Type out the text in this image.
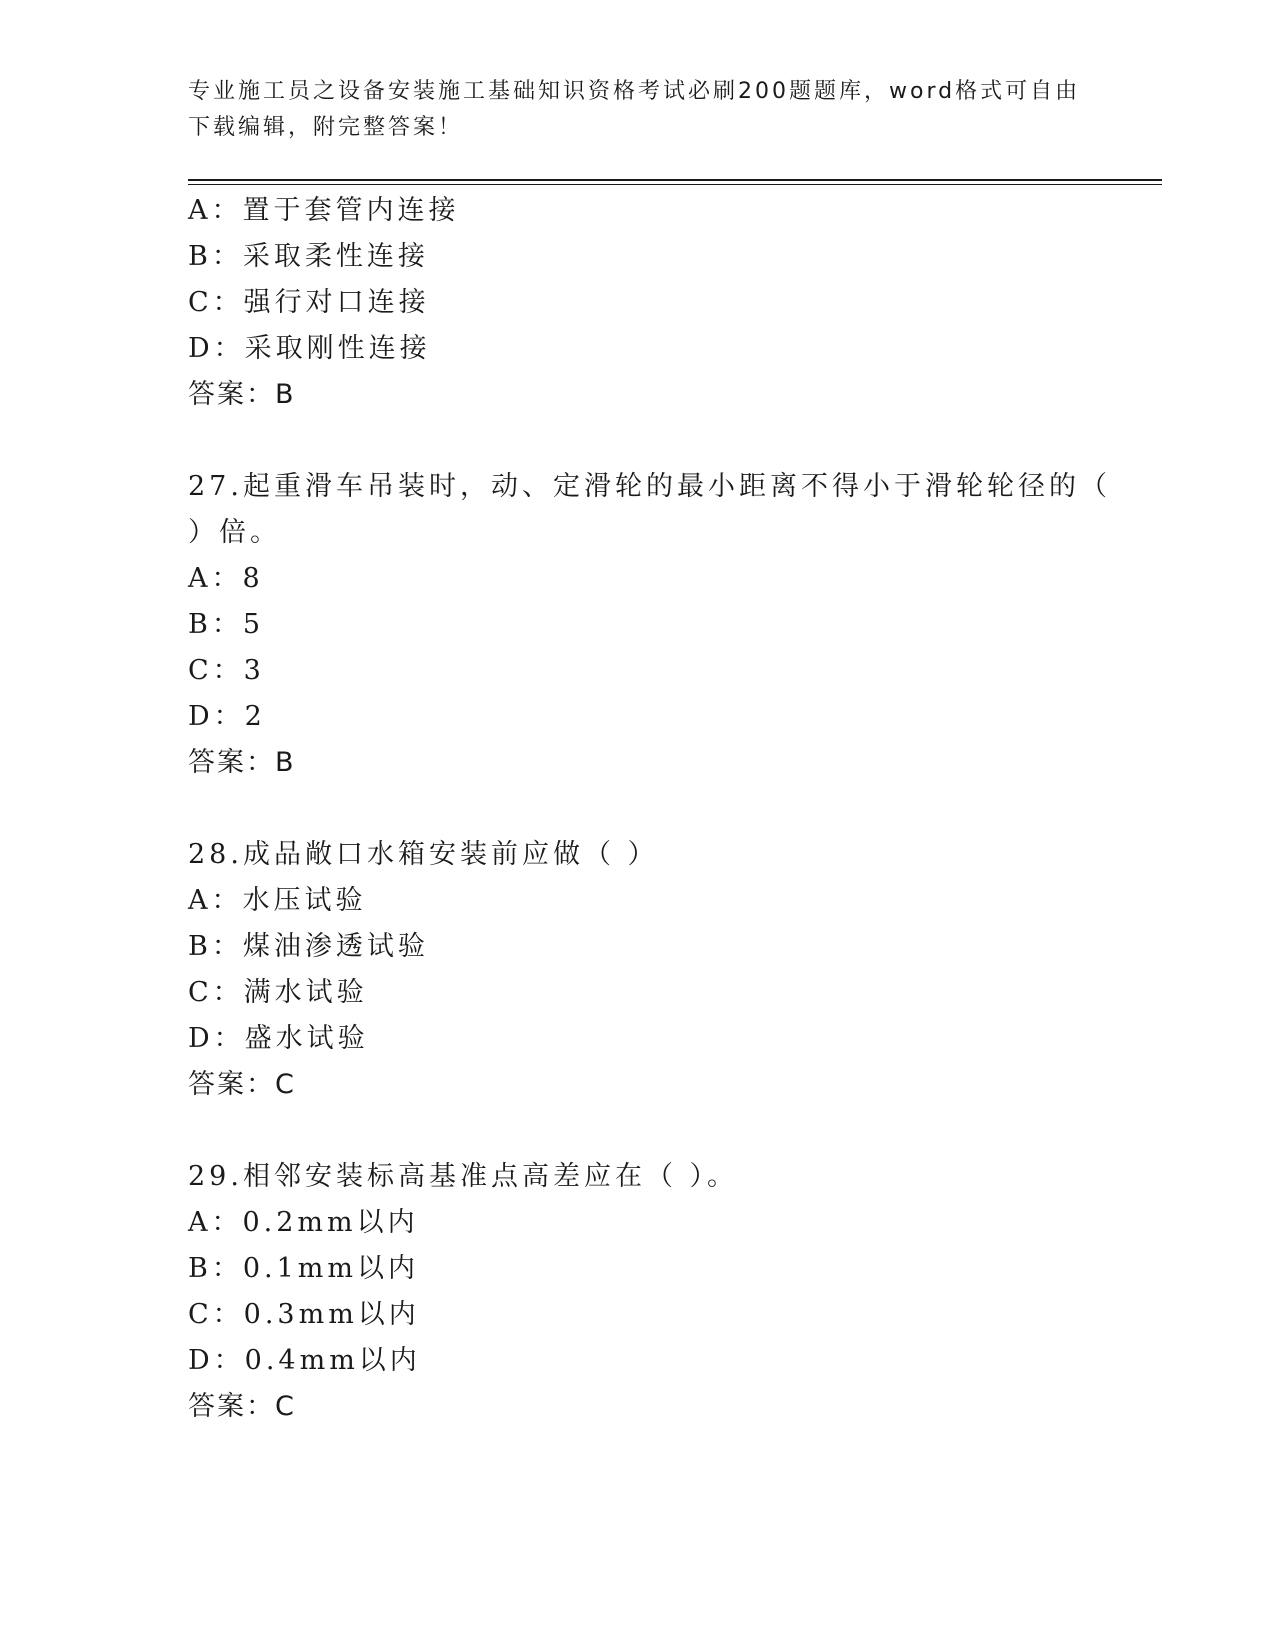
专业施工员之设备安装施工基础知识资格考试必刷200题题库，word格式可自由
下载编辑，附完整答案！
A：置于套管内连接
B：采取柔性连接
C：强行对口连接
D：采取刚性连接
答案：B
27.起重滑车吊装时，动、定滑轮的最小距离不得小于滑轮轮径的（
）倍。
A：8
B：5
C：3
D：2
答案：B
28.成品敞口水箱安装前应做（ ）
A：水压试验
B：煤油渗透试验
C：满水试验
D：盛水试验
答案：C
29.相邻安装标高基准点高差应在（ ）。
A：0.2mm以内
B：0.1mm以内
C：0.3mm以内
D：0.4mm以内
答案：C
